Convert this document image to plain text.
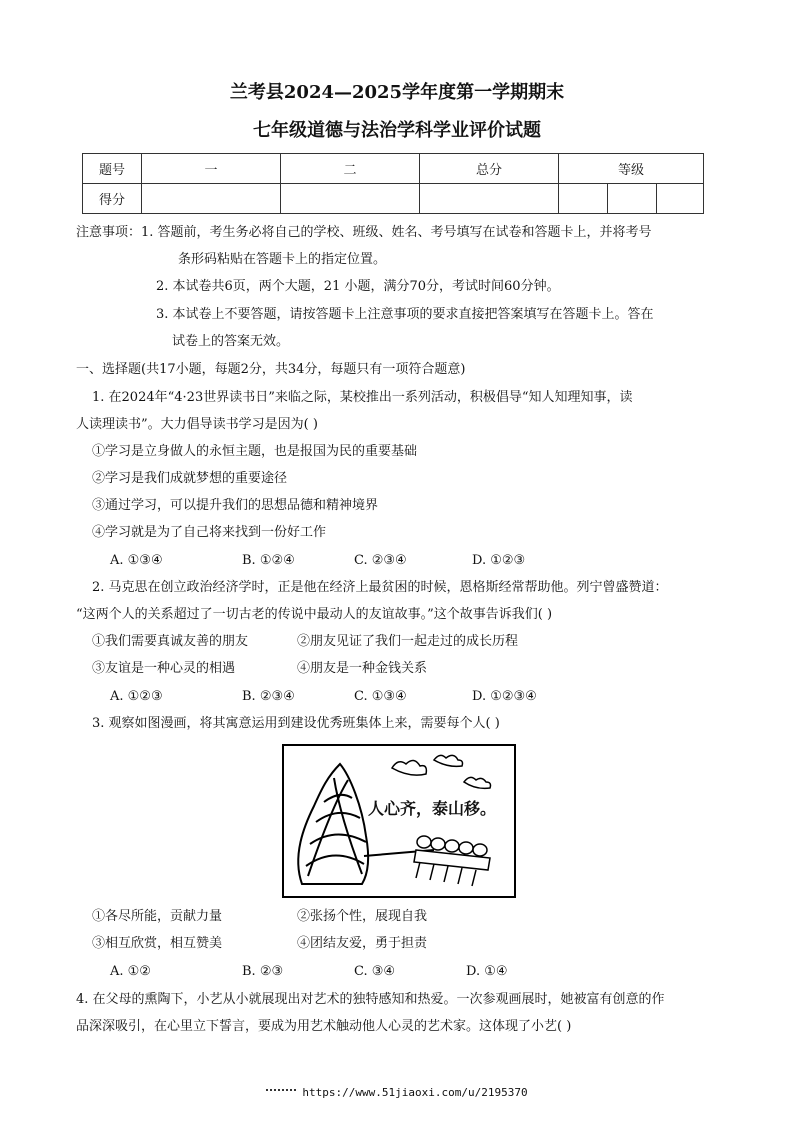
兰考县2024—2025学年度第一学期期末
七年级道德与法治学科学业评价试题
题号	一	二	总分	等级		
得分						
注意事项：1. 答题前，考生务必将自己的学校、班级、姓名、考号填写在试卷和答题卡上，并将考号
条形码粘贴在答题卡上的指定位置。
2. 本试卷共6页，两个大题，21 小题，满分70分，考试时间60分钟。
3. 本试卷上不要答题，请按答题卡上注意事项的要求直接把答案填写在答题卡上。答在
试卷上的答案无效。
一、选择题(共17小题，每题2分，共34分，每题只有一项符合题意)
1. 在2024年“4·23世界读书日”来临之际，某校推出一系列活动，积极倡导“知人知理知事，读
人读理读书”。大力倡导读书学习是因为( )
①学习是立身做人的永恒主题，也是报国为民的重要基础
②学习是我们成就梦想的重要途径
③通过学习，可以提升我们的思想品德和精神境界
④学习就是为了自己将来找到一份好工作
A. ①③④	B. ①②④	C. ②③④	D. ①②③
2. 马克思在创立政治经济学时，正是他在经济上最贫困的时候，恩格斯经常帮助他。列宁曾盛赞道：
“这两个人的关系超过了一切古老的传说中最动人的友谊故事。”这个故事告诉我们( )
①我们需要真诚友善的朋友	②朋友见证了我们一起走过的成长历程
③友谊是一种心灵的相遇	④朋友是一种金钱关系
A. ①②③	B. ②③④	C. ①③④	D. ①②③④
3. 观察如图漫画，将其寓意运用到建设优秀班集体上来，需要每个人( )
人心齐，泰山移。
①各尽所能，贡献力量	②张扬个性，展现自我
③相互欣赏，相互赞美	④团结友爱，勇于担责
A. ①②	B. ②③	C. ③④	D. ①④
4. 在父母的熏陶下，小艺从小就展现出对艺术的独特感知和热爱。一次参观画展时，她被富有创意的作
品深深吸引，在心里立下誓言，要成为用艺术触动他人心灵的艺术家。这体现了小艺( )
https://www.51jiaoxi.com/u/2195370
